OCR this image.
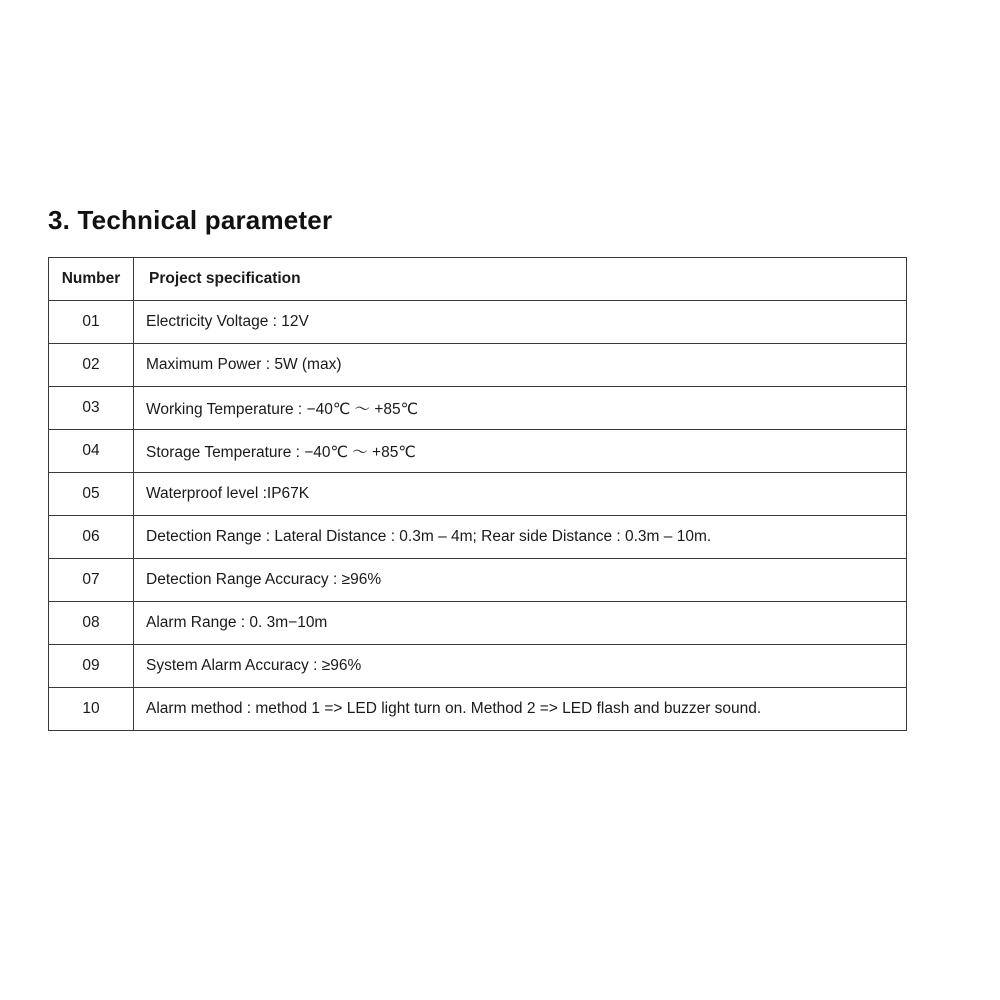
3. Technical parameter
Number	Project specification
01	Electricity Voltage : 12V
02	Maximum Power : 5W (max)
03	Working Temperature : −40℃ ～ +85℃
04	Storage Temperature : −40℃ ～ +85℃
05	Waterproof level :IP67K
06	Detection Range : Lateral Distance : 0.3m – 4m; Rear side Distance : 0.3m – 10m.
07	Detection Range Accuracy : ≥96%
08	Alarm Range : 0. 3m−10m
09	System Alarm Accuracy : ≥96%
10	Alarm method : method 1 => LED light turn on. Method 2 => LED flash and buzzer sound.
